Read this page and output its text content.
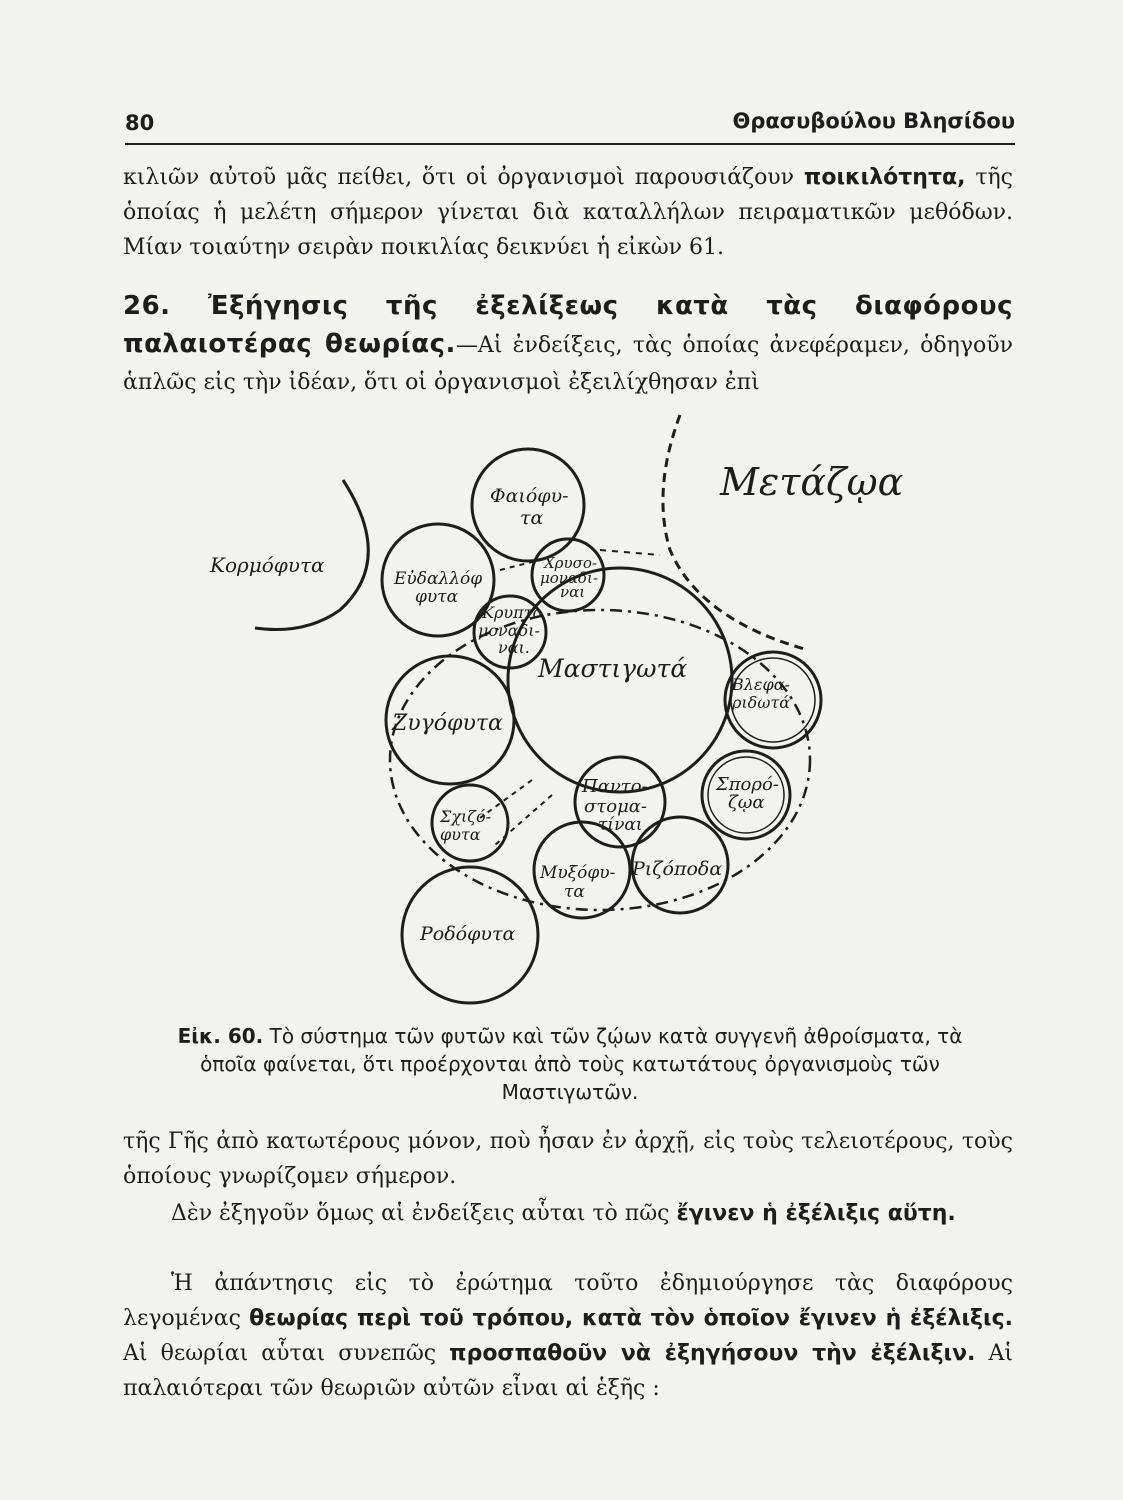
80	Θρασυβούλου Βλησίδου

κιλιῶν αὐτοῦ μᾶς πείθει, ὅτι οἱ ὀργανισμοὶ παρουσιάζουν ποικιλότητα, τῆς ὁποίας ἡ μελέτη σήμερον γίνεται διὰ καταλλήλων πειραματικῶν μεθόδων. Μίαν τοιαύτην σειρὰν ποικιλίας δεικνύει ἡ εἰκὼν 61.

26. Ἐξήγησις τῆς ἐξελίξεως κατὰ τὰς διαφόρους παλαιοτέρας θεωρίας.—Αἱ ἐνδείξεις, τὰς ὁποίας ἀνεφέραμεν, ὁδηγοῦν ἁπλῶς εἰς τὴν ἰδέαν, ὅτι οἱ ὀργανισμοὶ ἐξειλίχθησαν ἐπὶ

Μετάζῳα
Κορμόφυτα
Φαιόφυ-
τα
Χρυσο-
μοναδι-
ναι
Εὐδαλλόφ
φυτα
Κρυπτο
μοναδι-
ναι.
Μαστιγωτά
Βλεφα-
ριδωτά
Ζυγόφυτα
Παντο-
στομα-
τίναι
Σπορό-
ζῳα
Σχιζό-
φυτα
Μυξόφυ-
τα
Ριζόποδα
Ροδόφυτα
Εἰκ. 60. Τὸ σύστημα τῶν φυτῶν καὶ τῶν ζῴων κατὰ συγγενῆ ἀθροίσματα, τὰ ὁποῖα φαίνεται, ὅτι προέρχονται ἀπὸ τοὺς κατωτάτους ὀργανισμοὺς τῶν Μαστιγωτῶν.

τῆς Γῆς ἀπὸ κατωτέρους μόνον, ποὺ ἦσαν ἐν ἀρχῇ, εἰς τοὺς τελειοτέρους, τοὺς ὁποίους γνωρίζομεν σήμερον.

Δὲν ἐξηγοῦν ὅμως αἱ ἐνδείξεις αὗται τὸ πῶς ἔγινεν ἡ ἐξέλιξις αὕτη.

Ἡ ἀπάντησις εἰς τὸ ἐρώτημα τοῦτο ἐδημιούργησε τὰς διαφόρους λεγομένας θεωρίας περὶ τοῦ τρόπου, κατὰ τὸν ὁποῖον ἔγινεν ἡ ἐξέλιξις. Αἱ θεωρίαι αὗται συνεπῶς προσπαθοῦν νὰ ἐξηγήσουν τὴν ἐξέλιξιν. Αἱ παλαιότεραι τῶν θεωριῶν αὐτῶν εἶναι αἱ ἑξῆς :
